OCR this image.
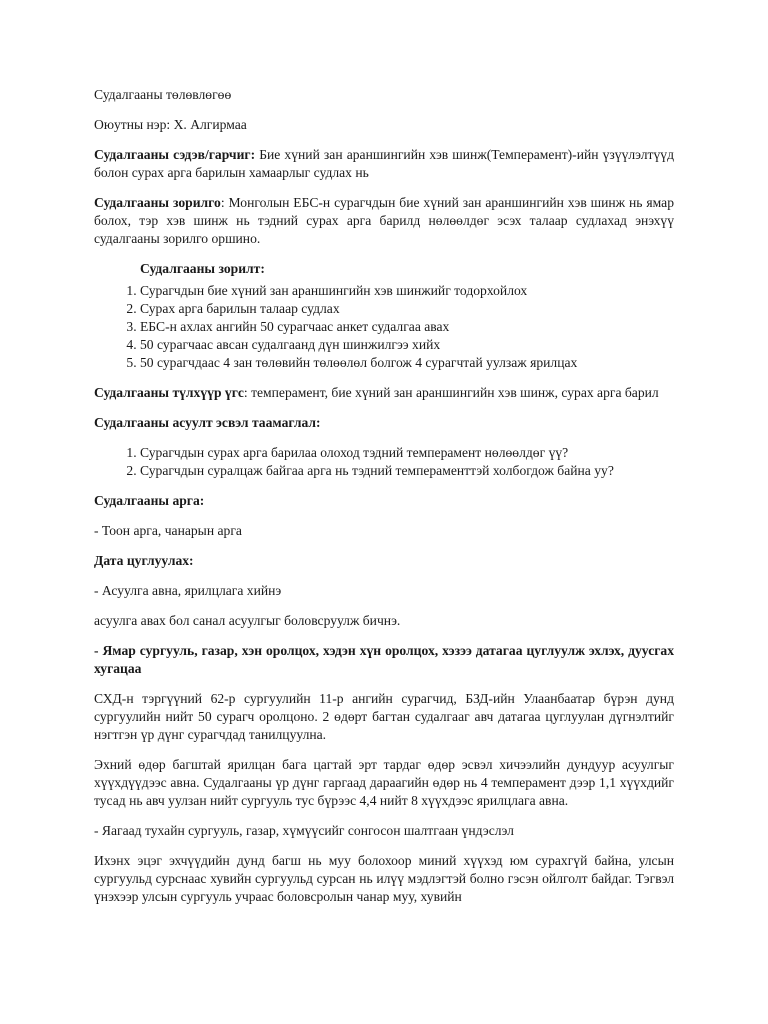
Судалгааны төлөвлөгөө

Оюутны нэр: Х. Алгирмаа

Судалгааны сэдэв/гарчиг: Бие хүний зан араншингийн хэв шинж(Темперамент)-ийн үзүүлэлтүүд болон сурах арга барилын хамаарлыг судлах нь

Судалгааны зорилго: Монголын ЕБС-н сурагчдын бие хүний зан араншингийн хэв шинж нь ямар болох, тэр хэв шинж нь тэдний сурах арга барилд нөлөөлдөг эсэх талаар судлахад энэхүү судалгааны зорилго оршино.

Судалгааны зорилт:
1. Сурагчдын бие хүний зан араншингийн хэв шинжийг тодорхойлох
2. Сурах арга барилын талаар судлах
3. ЕБС-н ахлах ангийн 50 сурагчаас анкет судалгаа авах
4. 50 сурагчаас авсан судалгаанд дүн шинжилгээ хийх
5. 50 сурагчдаас 4 зан төлөвийн төлөөлөл болгож 4 сурагчтай уулзаж ярилцах

Судалгааны түлхүүр үгс: темперамент, бие хүний зан араншингийн хэв шинж, сурах арга барил

Судалгааны асуулт эсвэл таамаглал:

1. Сурагчдын сурах арга барилаа олоход тэдний темперамент нөлөөлдөг үү?
2. Сурагчдын суралцаж байгаа арга нь тэдний темпераменттэй холбогдож байна уу?

Судалгааны арга:

- Тоон арга, чанарын арга

Дата цуглуулах:

- Асуулга авна, ярилцлага хийнэ

асуулга авах бол санал асуулгыг боловсруулж бичнэ.

- Ямар сургууль, газар, хэн оролцох, хэдэн хүн оролцох, хэзээ датагаа цуглуулж эхлэх, дуусгах хугацаа

СХД-н тэргүүний 62-р сургуулийн 11-р ангийн сурагчид, БЗД-ийн Улаанбаатар бүрэн дунд сургуулийн нийт 50 сурагч оролцоно. 2 өдөрт багтан судалгааг авч датагаа цуглуулан дүгнэлтийг нэгтгэн үр дүнг сурагчдад танилцуулна.

Эхний өдөр багштай ярилцан бага цагтай эрт тардаг өдөр эсвэл хичээлийн дундуур асуулгыг хүүхдүүдээс авна. Судалгааны үр дүнг гаргаад дараагийн өдөр нь 4 темперамент дээр 1,1 хүүхдийг тусад нь авч уулзан нийт сургууль тус бүрээс 4,4 нийт 8 хүүхдээс ярилцлага авна.

- Яагаад тухайн сургууль, газар, хүмүүсийг сонгосон шалтгаан үндэслэл

Ихэнх эцэг эхчүүдийн дунд багш нь муу болохоор миний хүүхэд юм сурахгүй байна, улсын сургуульд сурснаас хувийн сургуульд сурсан нь илүү мэдлэгтэй болно гэсэн ойлголт байдаг. Тэгвэл үнэхээр улсын сургууль учраас боловсролын чанар муу, хувийн
